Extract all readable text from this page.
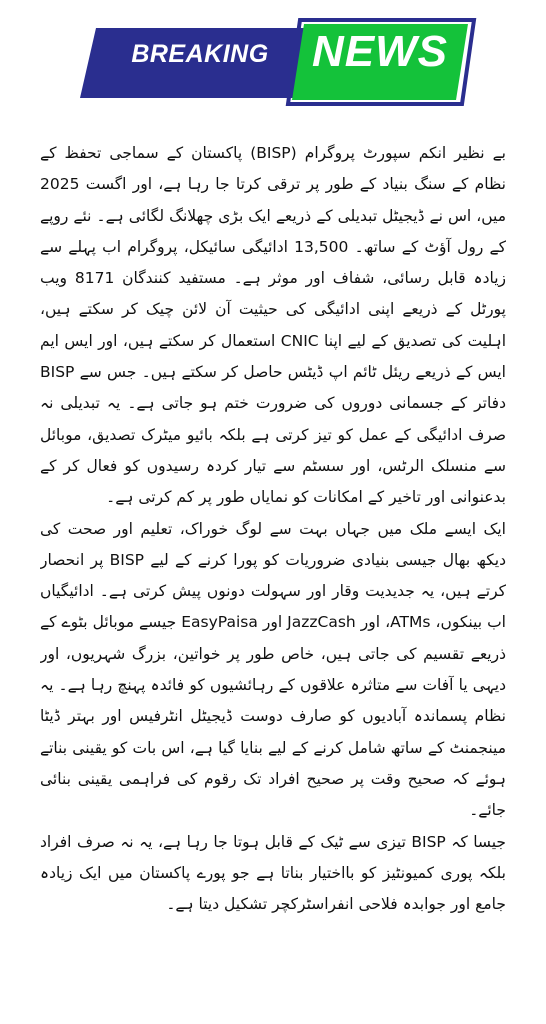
BREAKING NEWS

بے نظیر انکم سپورٹ پروگرام (BISP) پاکستان کے سماجی تحفظ کے نظام کے سنگ بنیاد کے طور پر ترقی کرتا جا رہا ہے، اور اگست 2025 میں، اس نے ڈیجیٹل تبدیلی کے ذریعے ایک بڑی چھلانگ لگائی ہے۔ نئے روپے کے رول آؤٹ کے ساتھ۔ 13,500 ادائیگی سائیکل، پروگرام اب پہلے سے زیادہ قابل رسائی، شفاف اور موثر ہے۔ مستفید کنندگان 8171 ویب پورٹل کے ذریعے اپنی ادائیگی کی حیثیت آن لائن چیک کر سکتے ہیں، اہلیت کی تصدیق کے لیے اپنا CNIC استعمال کر سکتے ہیں، اور ایس ایم ایس کے ذریعے ریئل ٹائم اپ ڈیٹس حاصل کر سکتے ہیں۔ جس سے BISP دفاتر کے جسمانی دوروں کی ضرورت ختم ہو جاتی ہے۔ یہ تبدیلی نہ صرف ادائیگی کے عمل کو تیز کرتی ہے بلکہ بائیو میٹرک تصدیق، موبائل سے منسلک الرٹس، اور سسٹم سے تیار کردہ رسیدوں کو فعال کر کے بدعنوانی اور تاخیر کے امکانات کو نمایاں طور پر کم کرتی ہے۔

ایک ایسے ملک میں جہاں بہت سے لوگ خوراک، تعلیم اور صحت کی دیکھ بھال جیسی بنیادی ضروریات کو پورا کرنے کے لیے BISP پر انحصار کرتے ہیں، یہ جدیدیت وقار اور سہولت دونوں پیش کرتی ہے۔ ادائیگیاں اب بینکوں، ATMs، اور JazzCash اور EasyPaisa جیسے موبائل بٹوے کے ذریعے تقسیم کی جاتی ہیں، خاص طور پر خواتین، بزرگ شہریوں، اور دیہی یا آفات سے متاثرہ علاقوں کے رہائشیوں کو فائدہ پہنچ رہا ہے۔ یہ نظام پسماندہ آبادیوں کو صارف دوست ڈیجیٹل انٹرفیس اور بہتر ڈیٹا مینجمنٹ کے ساتھ شامل کرنے کے لیے بنایا گیا ہے، اس بات کو یقینی بناتے ہوئے کہ صحیح وقت پر صحیح افراد تک رقوم کی فراہمی یقینی بنائی جائے۔

جیسا کہ BISP تیزی سے ٹیک کے قابل ہوتا جا رہا ہے، یہ نہ صرف افراد بلکہ پوری کمیونٹیز کو بااختیار بناتا ہے جو پورے پاکستان میں ایک زیادہ جامع اور جوابدہ فلاحی انفراسٹرکچر تشکیل دیتا ہے۔
